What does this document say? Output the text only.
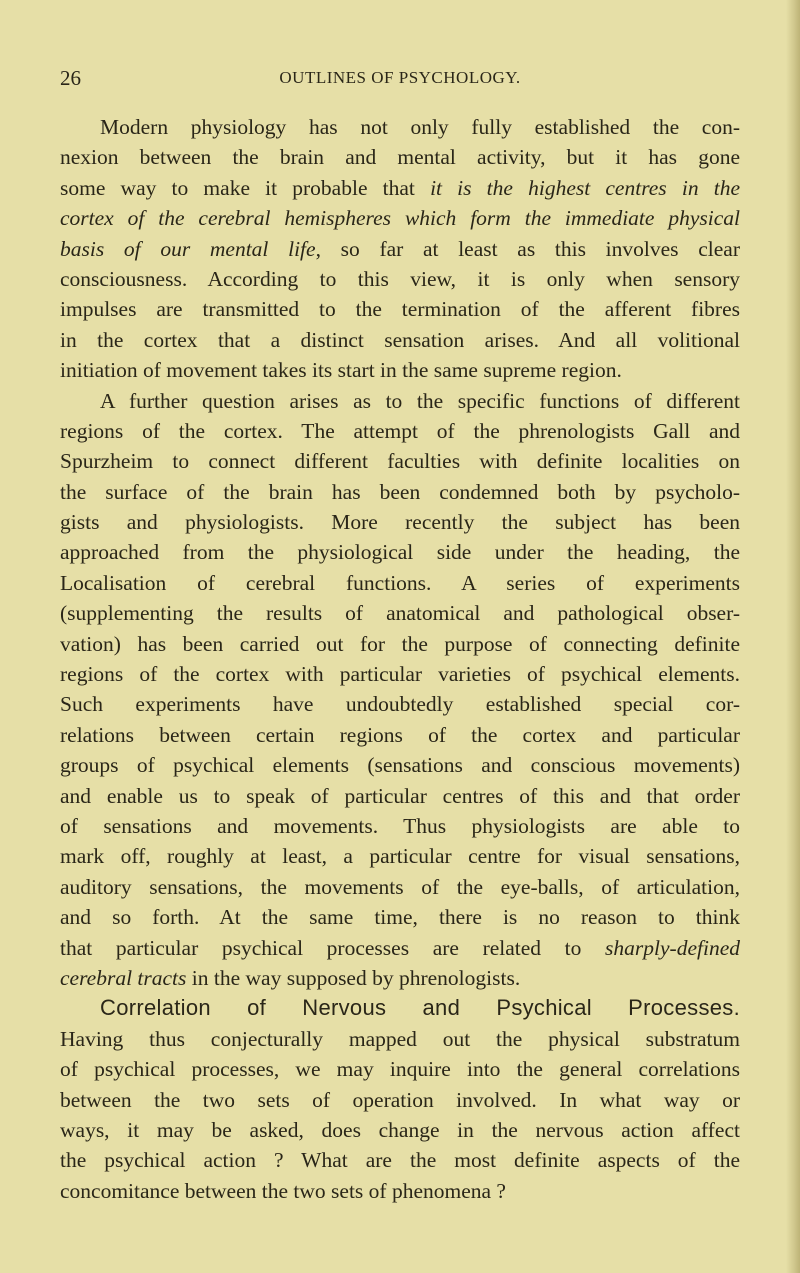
26	OUTLINES OF PSYCHOLOGY.
Modern physiology has not only fully established the con-
nexion between the brain and mental activity, but it has gone
some way to make it probable that it is the highest centres in the
cortex of the cerebral hemispheres which form the immediate physical
basis of our mental life, so far at least as this involves clear
consciousness. According to this view, it is only when sensory
impulses are transmitted to the termination of the afferent fibres
in the cortex that a distinct sensation arises. And all volitional
initiation of movement takes its start in the same supreme region.
A further question arises as to the specific functions of different
regions of the cortex. The attempt of the phrenologists Gall and
Spurzheim to connect different faculties with definite localities on
the surface of the brain has been condemned both by psycholo-
gists and physiologists. More recently the subject has been
approached from the physiological side under the heading, the
Localisation of cerebral functions. A series of experiments
(supplementing the results of anatomical and pathological obser-
vation) has been carried out for the purpose of connecting definite
regions of the cortex with particular varieties of psychical elements.
Such experiments have undoubtedly established special cor-
relations between certain regions of the cortex and particular
groups of psychical elements (sensations and conscious movements)
and enable us to speak of particular centres of this and that order
of sensations and movements. Thus physiologists are able to
mark off, roughly at least, a particular centre for visual sensations,
auditory sensations, the movements of the eye-balls, of articulation,
and so forth. At the same time, there is no reason to think
that particular psychical processes are related to sharply-defined
cerebral tracts in the way supposed by phrenologists.
Correlation of Nervous and Psychical Processes.
Having thus conjecturally mapped out the physical substratum
of psychical processes, we may inquire into the general correlations
between the two sets of operation involved. In what way or
ways, it may be asked, does change in the nervous action affect
the psychical action ? What are the most definite aspects of the
concomitance between the two sets of phenomena ?
